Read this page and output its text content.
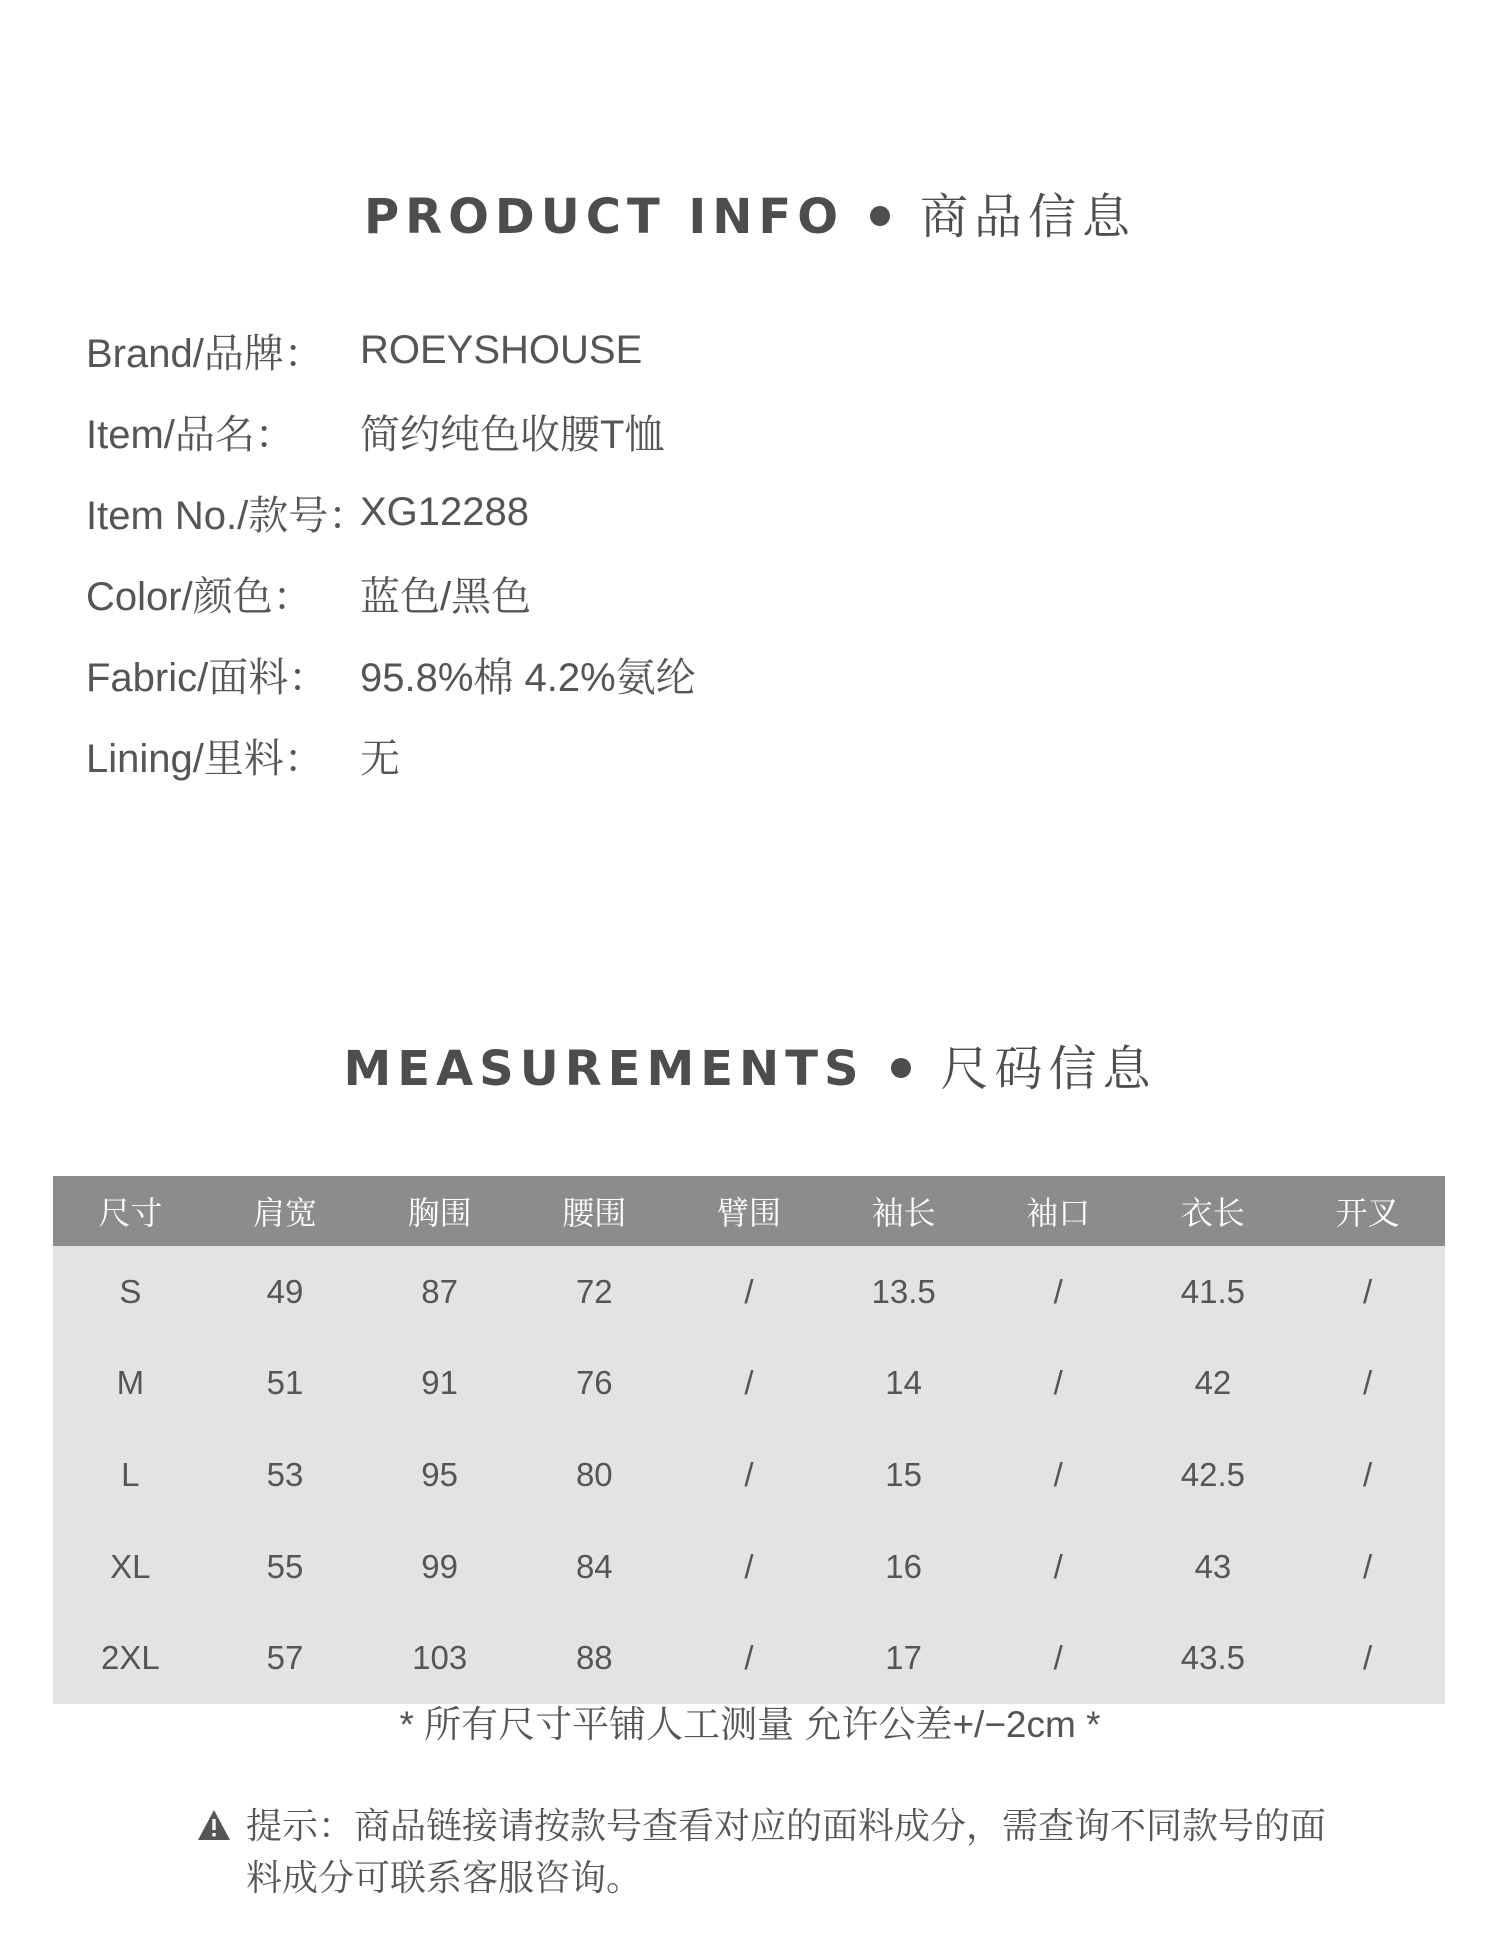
PRODUCT INFO 商品信息
Brand/品牌： ROEYSHOUSE
Item/品名：	简约纯色收腰T恤
Item No./款号：
XG12288
Color/颜色：	蓝色/黑色
Fabric/面料： 95.8%棉 4.2%氨纶
Lining/里料： 无
MEASUREMENTS 尺码信息
尺寸	肩宽	胸围	腰围	臂围	袖长	袖口	衣长	开叉
S	49	87	72	/	13.5	/	41.5	/
M	51	91	76	/	14	/	42	/
L	53	95	80	/	15	/	42.5	/
XL	55	99	84	/	16	/	43	/
2XL	57	103	88	/	17	/	43.5	/
* 所有尺寸平铺人工测量 允许公差+/−2cm *
提示：商品链接请按款号查看对应的面料成分，需查询不同款号的面料成分可联系客服咨询。
